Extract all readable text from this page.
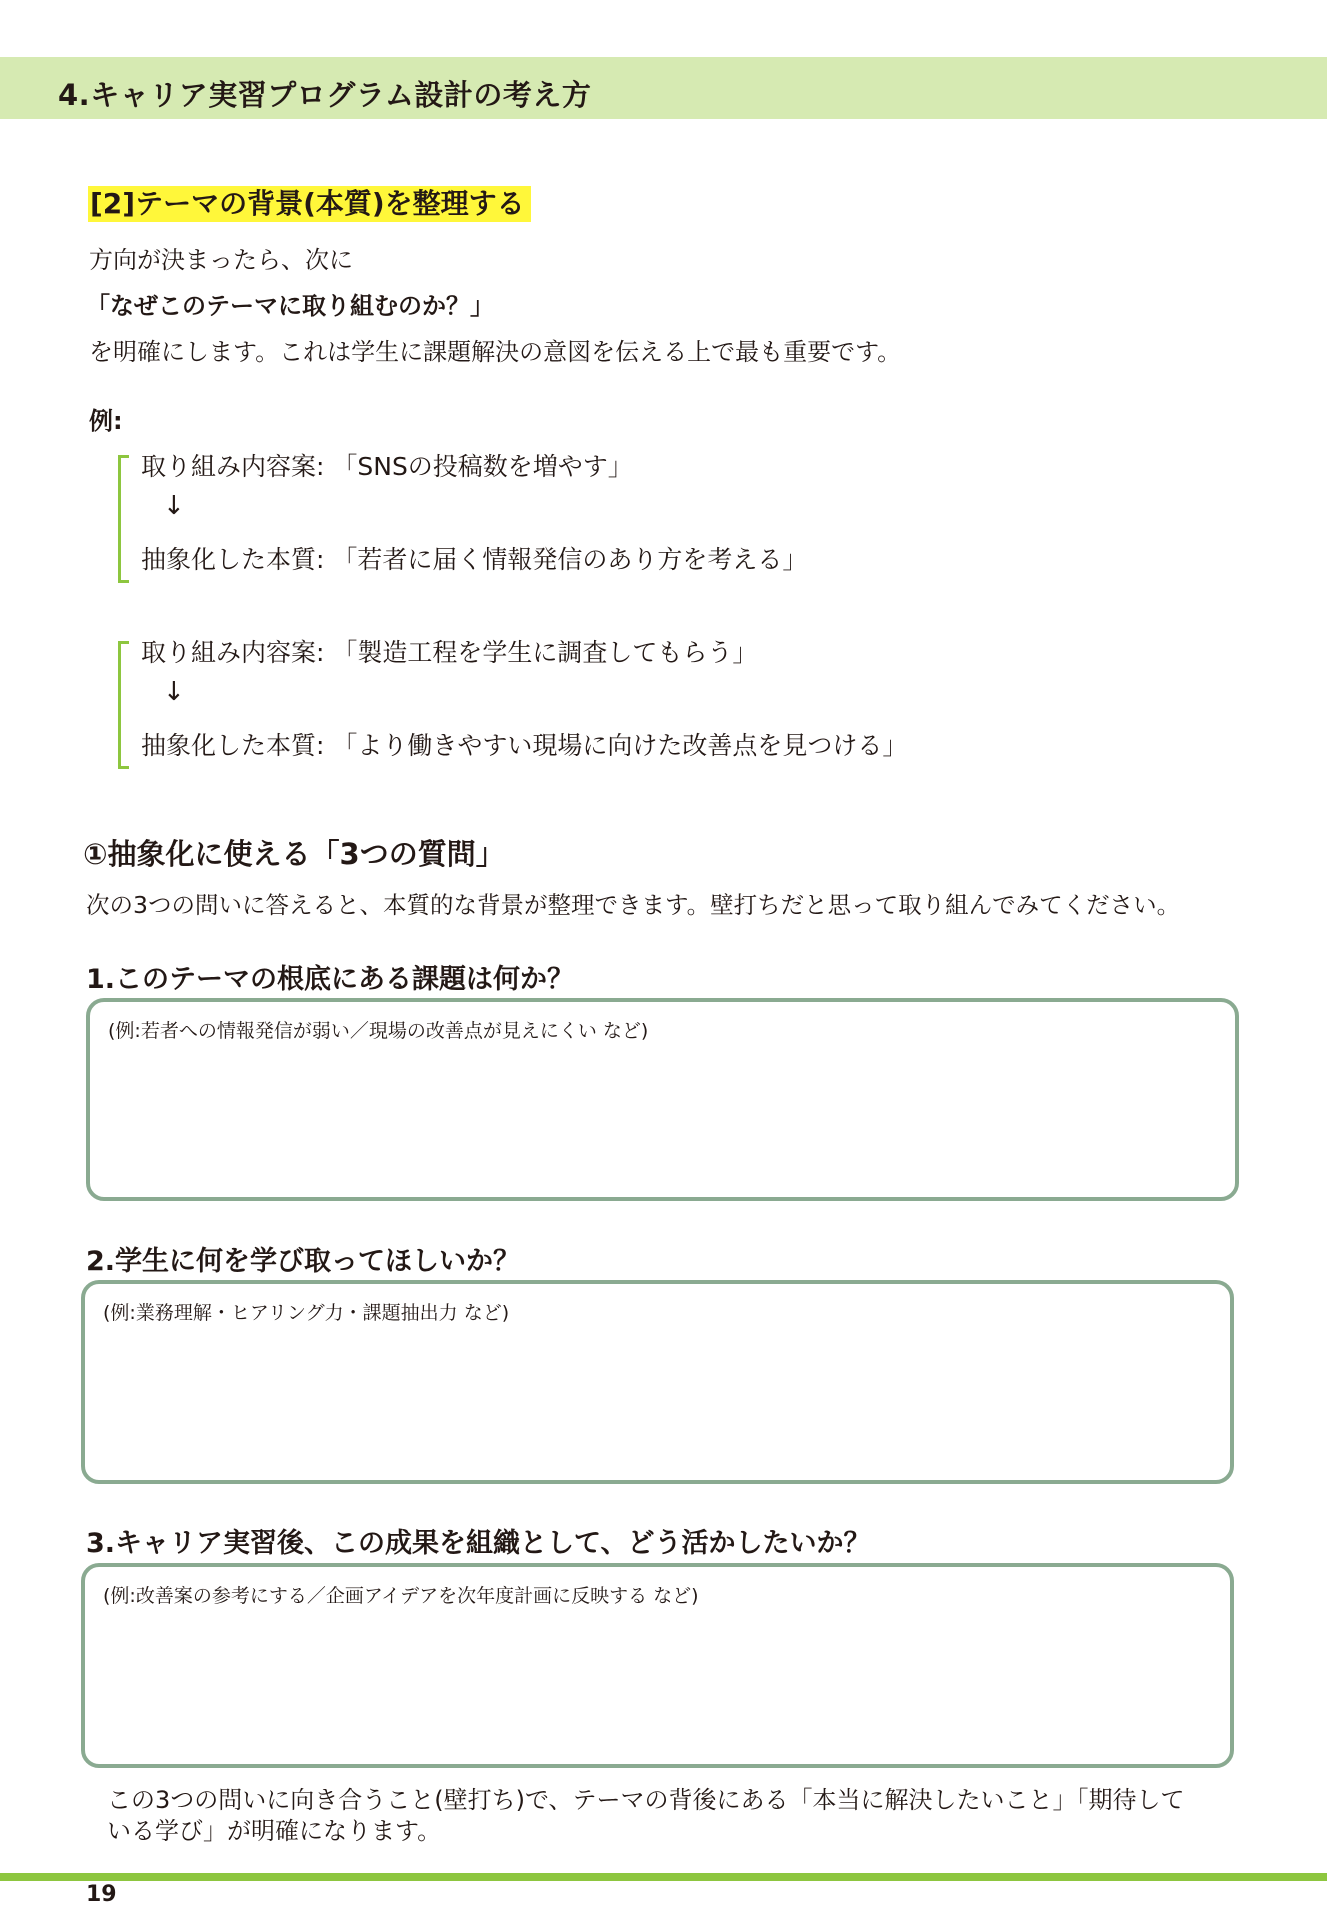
4.キャリア実習プログラム設計の考え方
[2]テーマの背景(本質)を整理する
方向が決まったら、次に
「なぜこのテーマに取り組むのか？」
を明確にします。これは学生に課題解決の意図を伝える上で最も重要です。
例:
取り組み内容案: 「SNSの投稿数を増やす」
↓
抽象化した本質: 「若者に届く情報発信のあり方を考える」
取り組み内容案: 「製造工程を学生に調査してもらう」
↓
抽象化した本質: 「より働きやすい現場に向けた改善点を見つける」
①抽象化に使える「3つの質問」
次の3つの問いに答えると、本質的な背景が整理できます。壁打ちだと思って取り組んでみてください。
1.このテーマの根底にある課題は何か？
(例:若者への情報発信が弱い／現場の改善点が見えにくい など)
2.学生に何を学び取ってほしいか？
(例:業務理解・ヒアリング力・課題抽出力 など)
3.キャリア実習後、この成果を組織として、どう活かしたいか？
(例:改善案の参考にする／企画アイデアを次年度計画に反映する など)
この3つの問いに向き合うこと(壁打ち)で、テーマの背後にある「本当に解決したいこと」「期待して
いる学び」が明確になります。
19
